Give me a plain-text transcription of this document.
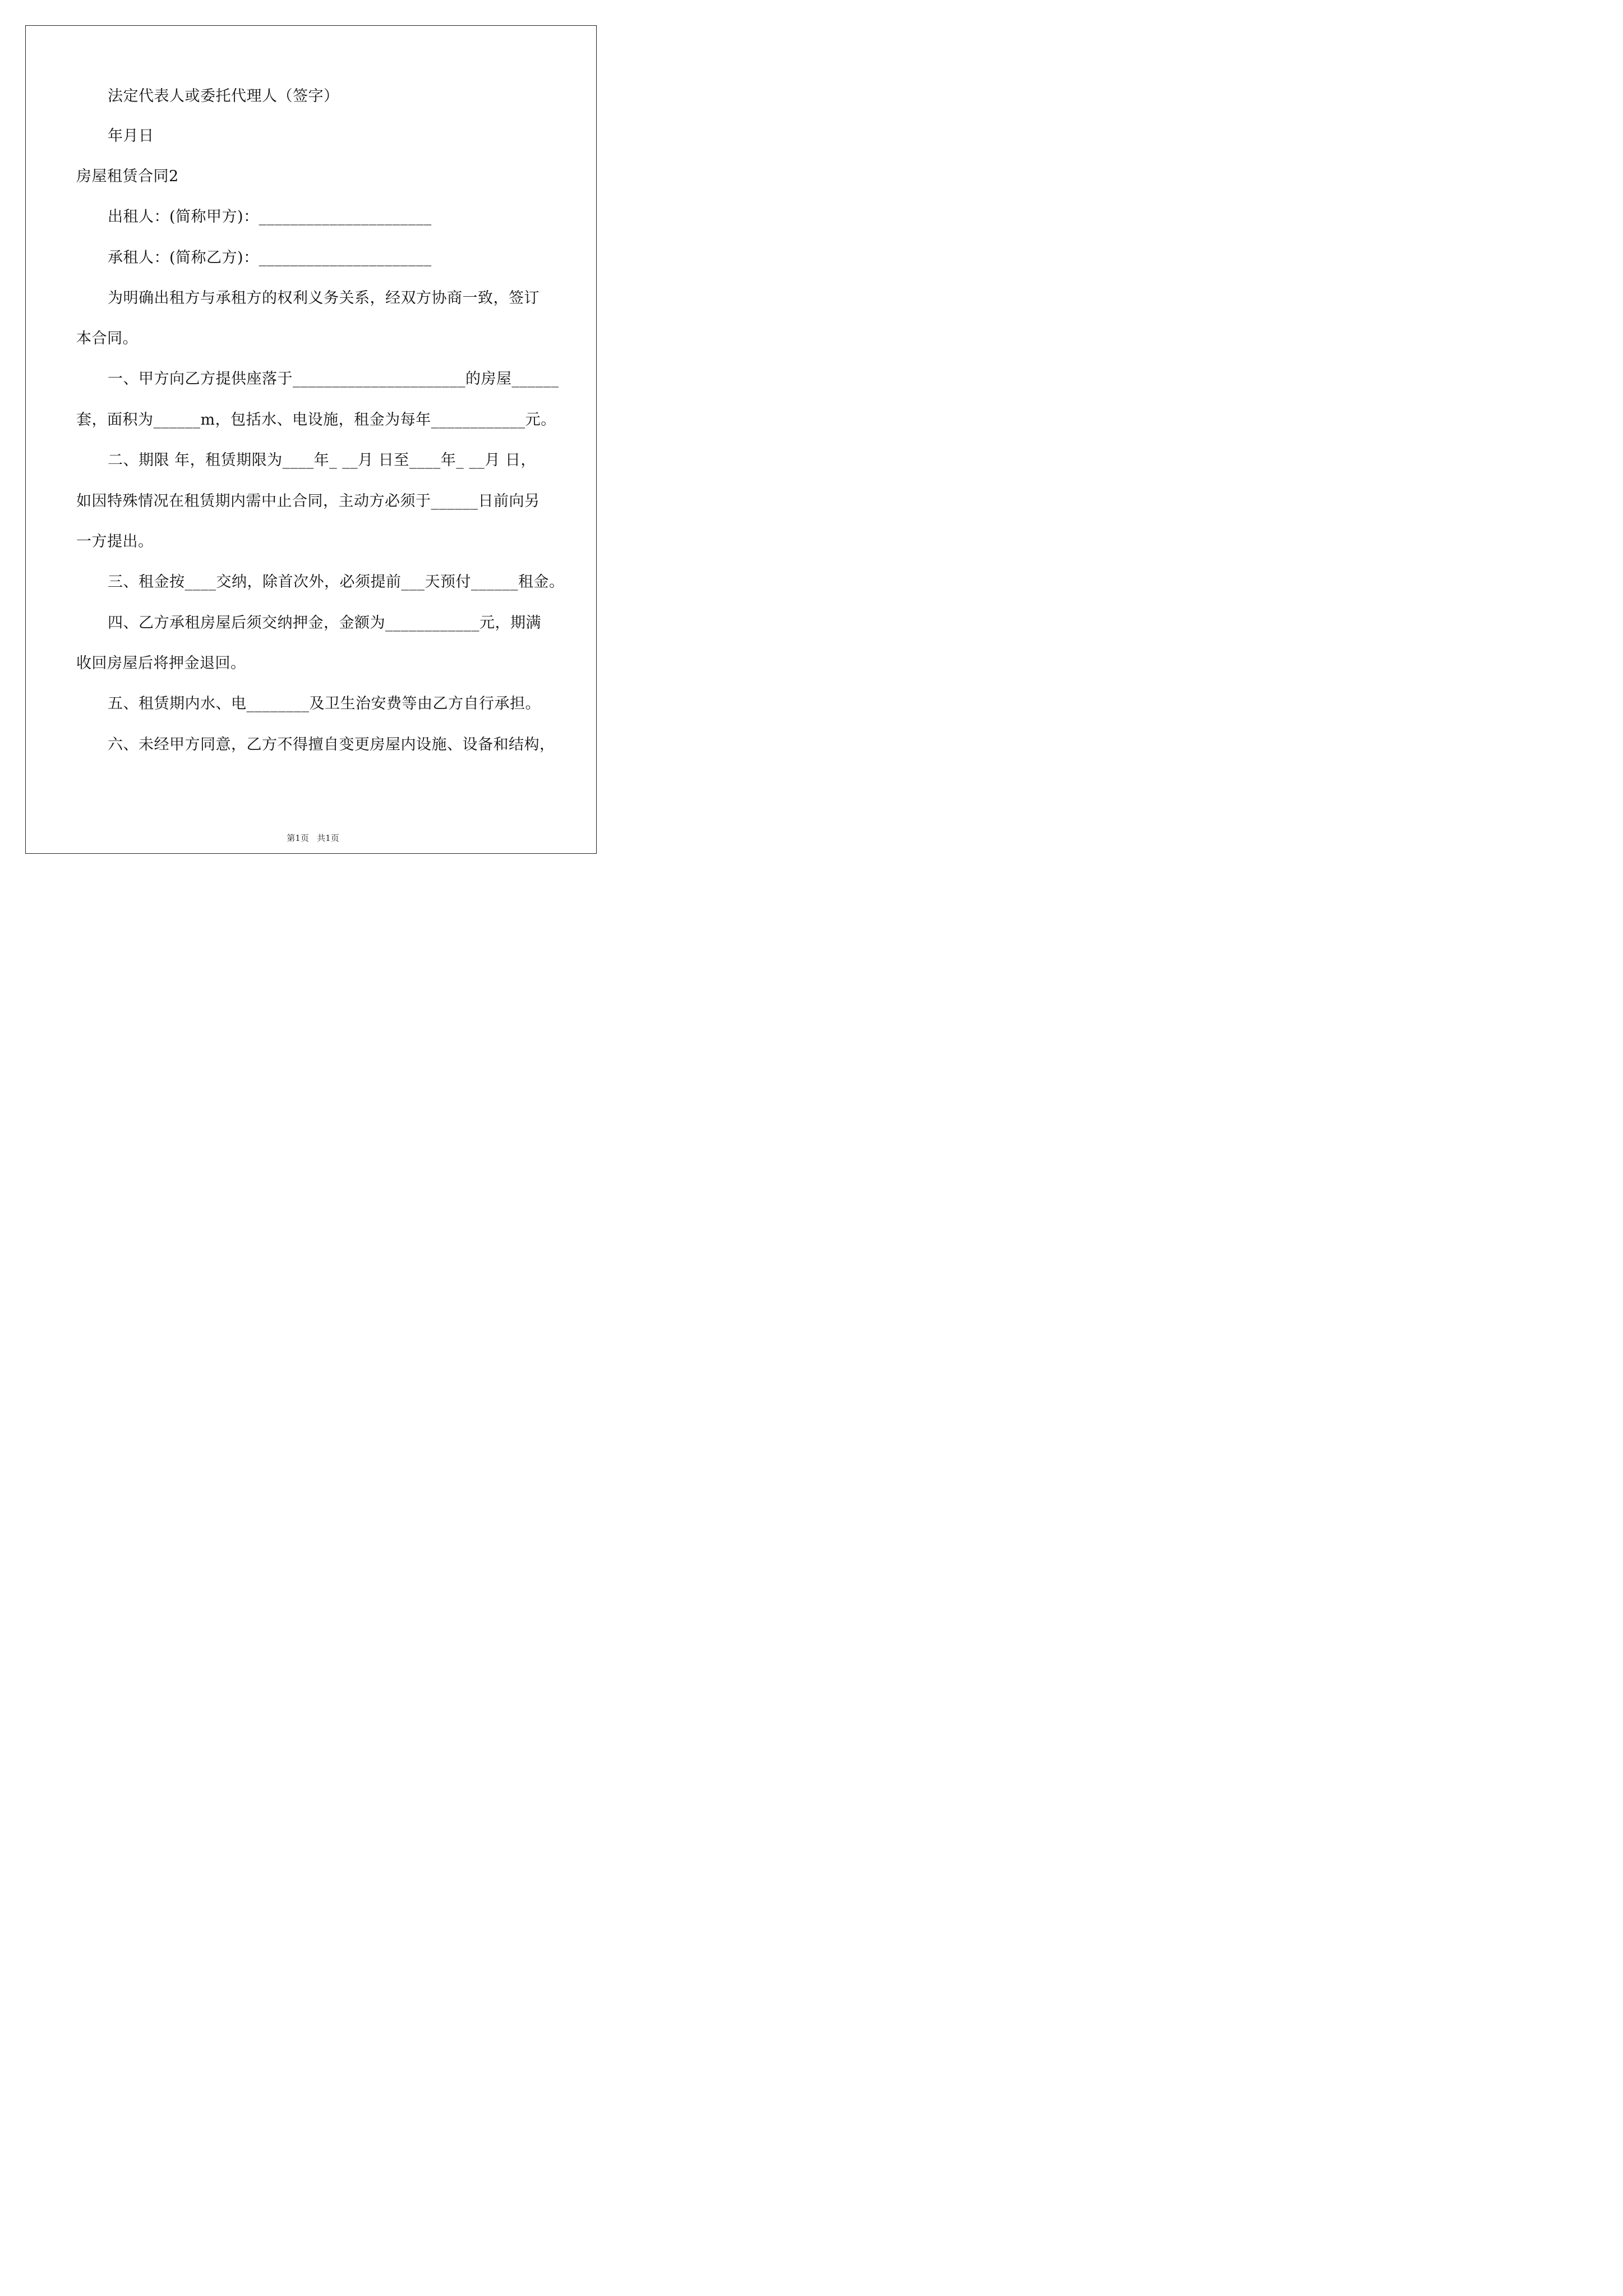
法定代表人或委托代理人（签字）
年月日
房屋租赁合同2
出租人：(简称甲方)：______________________
承租人：(简称乙方)：______________________
为明确出租方与承租方的权利义务关系，经双方协商一致，签订
本合同。
一、甲方向乙方提供座落于______________________的房屋______
套，面积为______m，包括水、电设施，租金为每年____________元。
二、期限 年，租赁期限为____年_ __月 日至____年_ __月 日，
如因特殊情况在租赁期内需中止合同，主动方必须于______日前向另
一方提出。
三、租金按____交纳，除首次外，必须提前___天预付______租金。
四、乙方承租房屋后须交纳押金，金额为____________元，期满
收回房屋后将押金退回。
五、租赁期内水、电________及卫生治安费等由乙方自行承担。
六、未经甲方同意，乙方不得擅自变更房屋内设施、设备和结构，
第1页   共1页
